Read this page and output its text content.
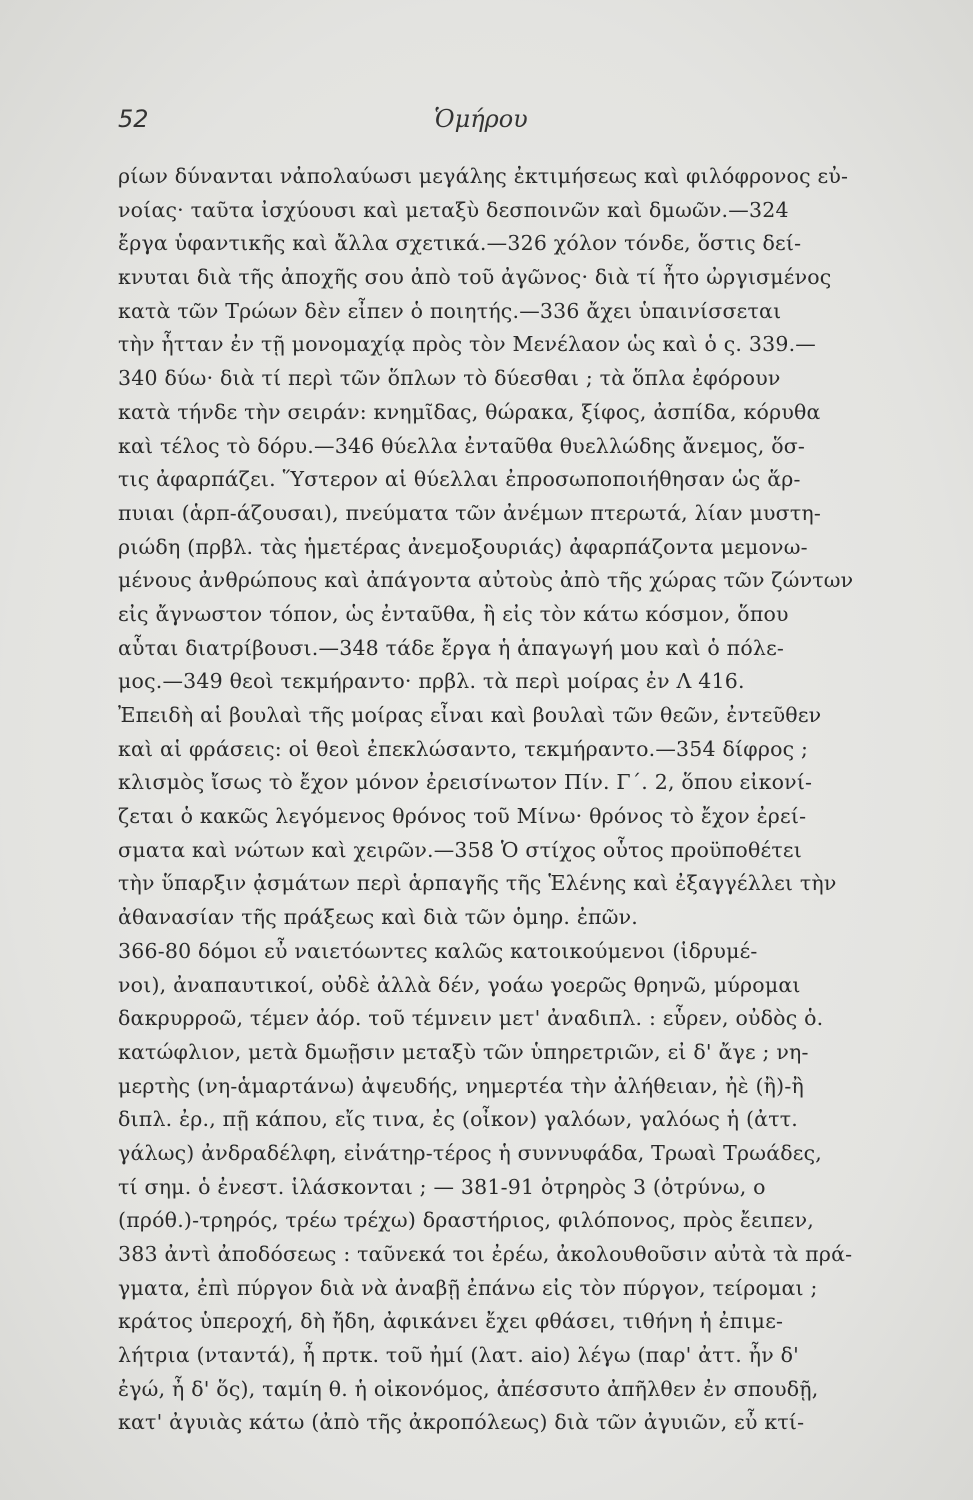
52	Ὁμήρου
ρίων δύνανται νἀπολαύωσι μεγάλης ἐκτιμήσεως καὶ φιλόφρονος εὐ-
νοίας· ταῦτα ἰσχύουσι καὶ μεταξὺ δεσποινῶν καὶ δμωῶν.—324
ἔργα ὑφαντικῆς καὶ ἄλλα σχετικά.—326 χόλον τόνδε, ὅστις δεί-
κνυται διὰ τῆς ἀποχῆς σου ἀπὸ τοῦ ἀγῶνος· διὰ τί ἦτο ὠργισμένος
κατὰ τῶν Τρώων δὲν εἶπεν ὁ ποιητής.—336 ἄχει ὑπαινίσσεται
τὴν ἧτταν ἐν τῇ μονομαχίᾳ πρὸς τὸν Μενέλαον ὡς καὶ ὁ ς. 339.—
340 δύω· διὰ τί περὶ τῶν ὅπλων τὸ δύεσθαι ; τὰ ὅπλα ἐφόρουν
κατὰ τήνδε τὴν σειράν: κνημῖδας, θώρακα, ξίφος, ἀσπίδα, κόρυθα
καὶ τέλος τὸ δόρυ.—346 θύελλα ἐνταῦθα θυελλώδης ἄνεμος, ὅσ-
τις ἀφαρπάζει. Ὕστερον αἱ θύελλαι ἐπροσωποποιήθησαν ὡς ἅρ-
πυιαι (ἁρπ-άζουσαι), πνεύματα τῶν ἀνέμων πτερωτά, λίαν μυστη-
ριώδη (πρβλ. τὰς ἡμετέρας ἀνεμοξουριάς) ἀφαρπάζοντα μεμονω-
μένους ἀνθρώπους καὶ ἀπάγοντα αὐτοὺς ἀπὸ τῆς χώρας τῶν ζώντων
εἰς ἄγνωστον τόπον, ὡς ἐνταῦθα, ἢ εἰς τὸν κάτω κόσμον, ὅπου
αὗται διατρίβουσι.—348 τάδε ἔργα ἡ ἁπαγωγή μου καὶ ὁ πόλε-
μος.—349 θεοὶ τεκμήραντο· πρβλ. τὰ περὶ μοίρας ἐν Λ 416.
Ἐπειδὴ αἱ βουλαὶ τῆς μοίρας εἶναι καὶ βουλαὶ τῶν θεῶν, ἐντεῦθεν
καὶ αἱ φράσεις: οἱ θεοὶ ἐπεκλώσαντο, τεκμήραντο.—354 δίφρος ;
κλισμὸς ἴσως τὸ ἔχον μόνον ἐρεισίνωτον Πίν. Γ΄. 2, ὅπου εἰκονί-
ζεται ὁ κακῶς λεγόμενος θρόνος τοῦ Μίνω· θρόνος τὸ ἔχον ἐρεί-
σματα καὶ νώτων καὶ χειρῶν.—358 Ὁ στίχος οὗτος προϋποθέτει
τὴν ὕπαρξιν ᾀσμάτων περὶ ἁρπαγῆς τῆς Ἑλένης καὶ ἐξαγγέλλει τὴν
ἀθανασίαν τῆς πράξεως καὶ διὰ τῶν ὁμηρ. ἐπῶν.
366-80 δόμοι εὖ ναιετόωντες καλῶς κατοικούμενοι (ἱδρυμέ-
νοι), ἀναπαυτικοί, οὐδὲ ἀλλὰ δέν, γοάω γοερῶς θρηνῶ, μύρομαι
δακρυρροῶ, τέμεν ἀόρ. τοῦ τέμνειν μετ' ἀναδιπλ. : εὗρεν, οὐδὸς ὁ.
κατώφλιον, μετὰ δμωῇσιν μεταξὺ τῶν ὑπηρετριῶν, εἰ δ' ἄγε ; νη-
μερτὴς (νη-ἁμαρτάνω) ἀψευδής, νημερτέα τὴν ἀλήθειαν, ἠὲ (ἢ)-ἢ
διπλ. ἐρ., πῇ κάπου, εἴς τινα, ἐς (οἶκον) γαλόων, γαλόως ἡ (ἀττ.
γάλως) ἀνδραδέλφη, εἰνάτηρ-τέρος ἡ συννυφάδα, Τρωαὶ Τρωάδες,
τί σημ. ὁ ἐνεστ. ἱλάσκονται ; — 381-91 ὀτρηρὸς 3 (ὀτρύνω, ο
(πρόθ.)-τρηρός, τρέω τρέχω) δραστήριος, φιλόπονος, πρὸς ἔειπεν,
383 ἀντὶ ἀποδόσεως : ταῦνεκά τοι ἐρέω, ἀκολουθοῦσιν αὐτὰ τὰ πρά-
γματα, ἐπὶ πύργον διὰ νὰ ἀναβῇ ἐπάνω εἰς τὸν πύργον, τείρομαι ;
κράτος ὑπεροχή, δὴ ἤδη, ἀφικάνει ἔχει φθάσει, τιθήνη ἡ ἐπιμε-
λήτρια (νταντά), ἦ πρτκ. τοῦ ἠμί (λατ. aio) λέγω (παρ' ἀττ. ἦν δ'
ἐγώ, ἦ δ' ὅς), ταμίη θ. ἡ οἰκονόμος, ἀπέσσυτο ἀπῆλθεν ἐν σπουδῇ,
κατ' ἀγυιὰς κάτω (ἀπὸ τῆς ἀκροπόλεως) διὰ τῶν ἀγυιῶν, εὖ κτί-
